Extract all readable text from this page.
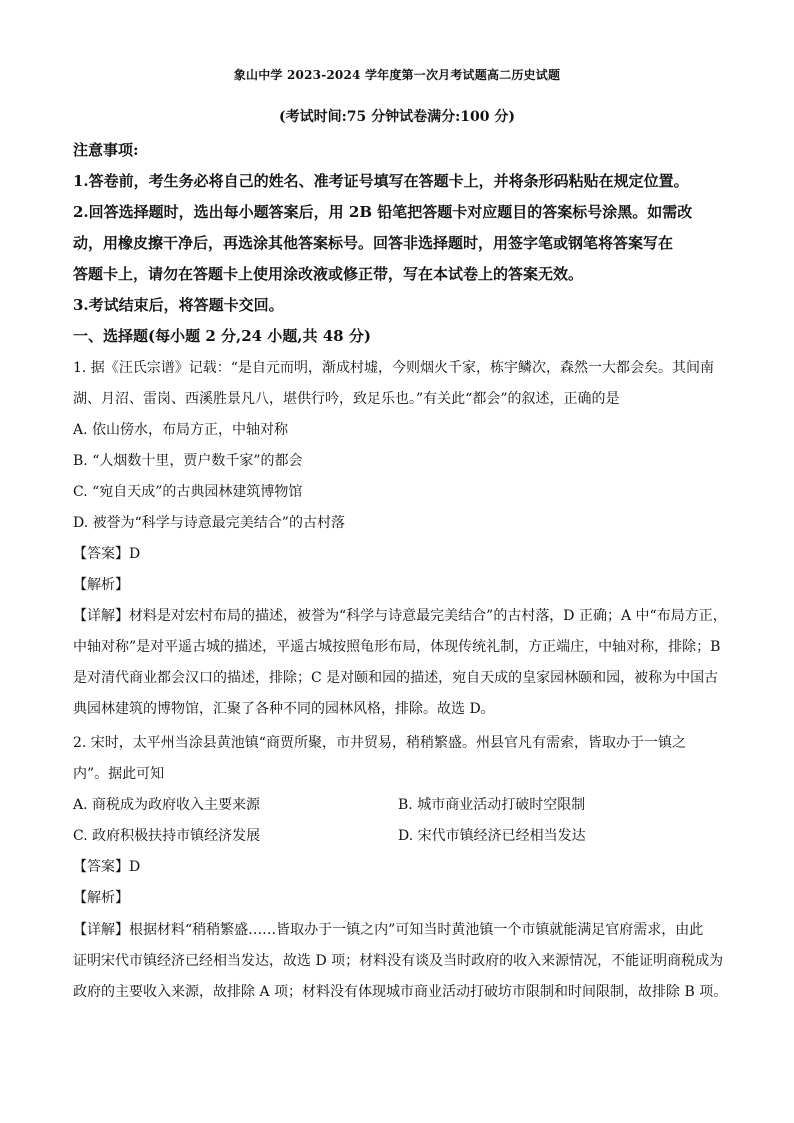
象山中学 2023-2024 学年度第一次月考试题高二历史试题
(考试时间:75 分钟试卷满分:100 分)
注意事项:
1.答卷前，考生务必将自己的姓名、准考证号填写在答题卡上，并将条形码粘贴在规定位置。
2.回答选择题时，选出每小题答案后，用 2B 铅笔把答题卡对应题目的答案标号涂黑。如需改
动，用橡皮擦干净后，再选涂其他答案标号。回答非选择题时，用签字笔或钢笔将答案写在
答题卡上，请勿在答题卡上使用涂改液或修正带，写在本试卷上的答案无效。
3.考试结束后，将答题卡交回。
一、选择题(每小题 2 分,24 小题,共 48 分)
1. 据《汪氏宗谱》记载：“是自元而明，渐成村墟，今则烟火千家，栋宇鳞次，森然一大都会矣。其间南
湖、月沼、雷岗、西溪胜景凡八，堪供行吟，致足乐也。”有关此“都会”的叙述，正确的是
A. 依山傍水，布局方正，中轴对称
B. “人烟数十里，贾户数千家”的都会
C. “宛自天成”的古典园林建筑博物馆
D. 被誉为“科学与诗意最完美结合”的古村落
【答案】D
【解析】
【详解】材料是对宏村布局的描述，被誉为“科学与诗意最完美结合”的古村落，D 正确；A 中“布局方正，
中轴对称”是对平遥古城的描述，平遥古城按照龟形布局，体现传统礼制，方正端庄，中轴对称，排除；B
是对清代商业都会汉口的描述，排除；C 是对颐和园的描述，宛自天成的皇家园林颐和园，被称为中国古
典园林建筑的博物馆，汇聚了各种不同的园林风格，排除。故选 D。
2. 宋时，太平州当涂县黄池镇“商贾所聚，市井贸易，稍稍繁盛。州县官凡有需索，皆取办于一镇之
内”。据此可知
A. 商税成为政府收入主要来源	B. 城市商业活动打破时空限制
C. 政府积极扶持市镇经济发展	D. 宋代市镇经济已经相当发达
【答案】D
【解析】
【详解】根据材料“稍稍繁盛……皆取办于一镇之内”可知当时黄池镇一个市镇就能满足官府需求，由此
证明宋代市镇经济已经相当发达，故选 D 项；材料没有谈及当时政府的收入来源情况，不能证明商税成为
政府的主要收入来源，故排除 A 项；材料没有体现城市商业活动打破坊市限制和时间限制，故排除 B 项。
